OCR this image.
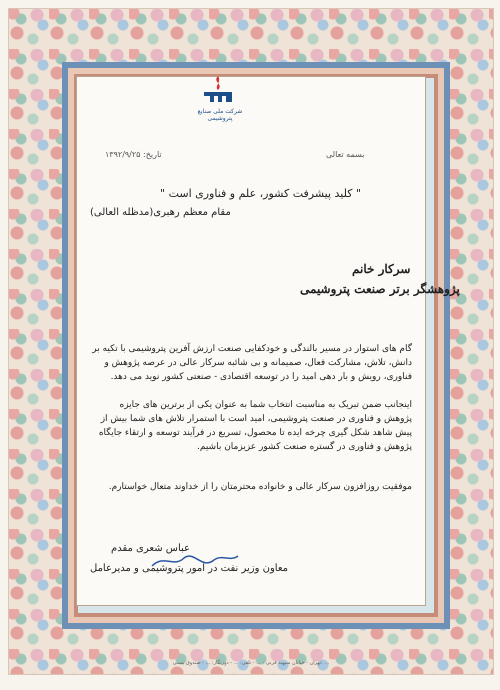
شرکت ملی صنایع پتروشیمی
تاریخ: ۱۳۹۲/۹/۲۵	بسمه تعالی
" کلید پیشرفت کشور، علم و فناوری است "
مقام معظم رهبری(مدظله العالی)
سرکار خانم
پژوهشگر برتر صنعت پتروشیمی
گام های استوار در مسیر بالندگی و خودکفایی صنعت ارزش آفرین پتروشیمی با تکیه بر دانش، تلاش، مشارکت فعال، صمیمانه و بی شائبه سرکار عالی در عرصه پژوهش و فناوری، رویش و بار دهی امید را در توسعه اقتصادی - صنعتی کشور نوید می دهد.
اینجانب ضمن تبریک به مناسبت انتخاب شما به عنوان یکی از برترین های جایزه پژوهش و فناوری در صنعت پتروشیمی، امید است با استمرار تلاش های شما بیش از پیش شاهد شکل گیری چرخه ایده تا محصول، تسریع در فرآیند توسعه و ارتقاء جایگاه پژوهش و فناوری در گستره صنعت کشور عزیزمان باشیم.
موفقیت روزافزون سرکار عالی و خانواده محترمتان را از خداوند متعال خواستارم.
عباس شعری مقدم
معاون وزیر نفت در امور پتروشیمی و مدیرعامل
تهران - خیابان سپهبد قرنی - ... - تلفن: ... - دورنگار: ... - صندوق پستی: ...
